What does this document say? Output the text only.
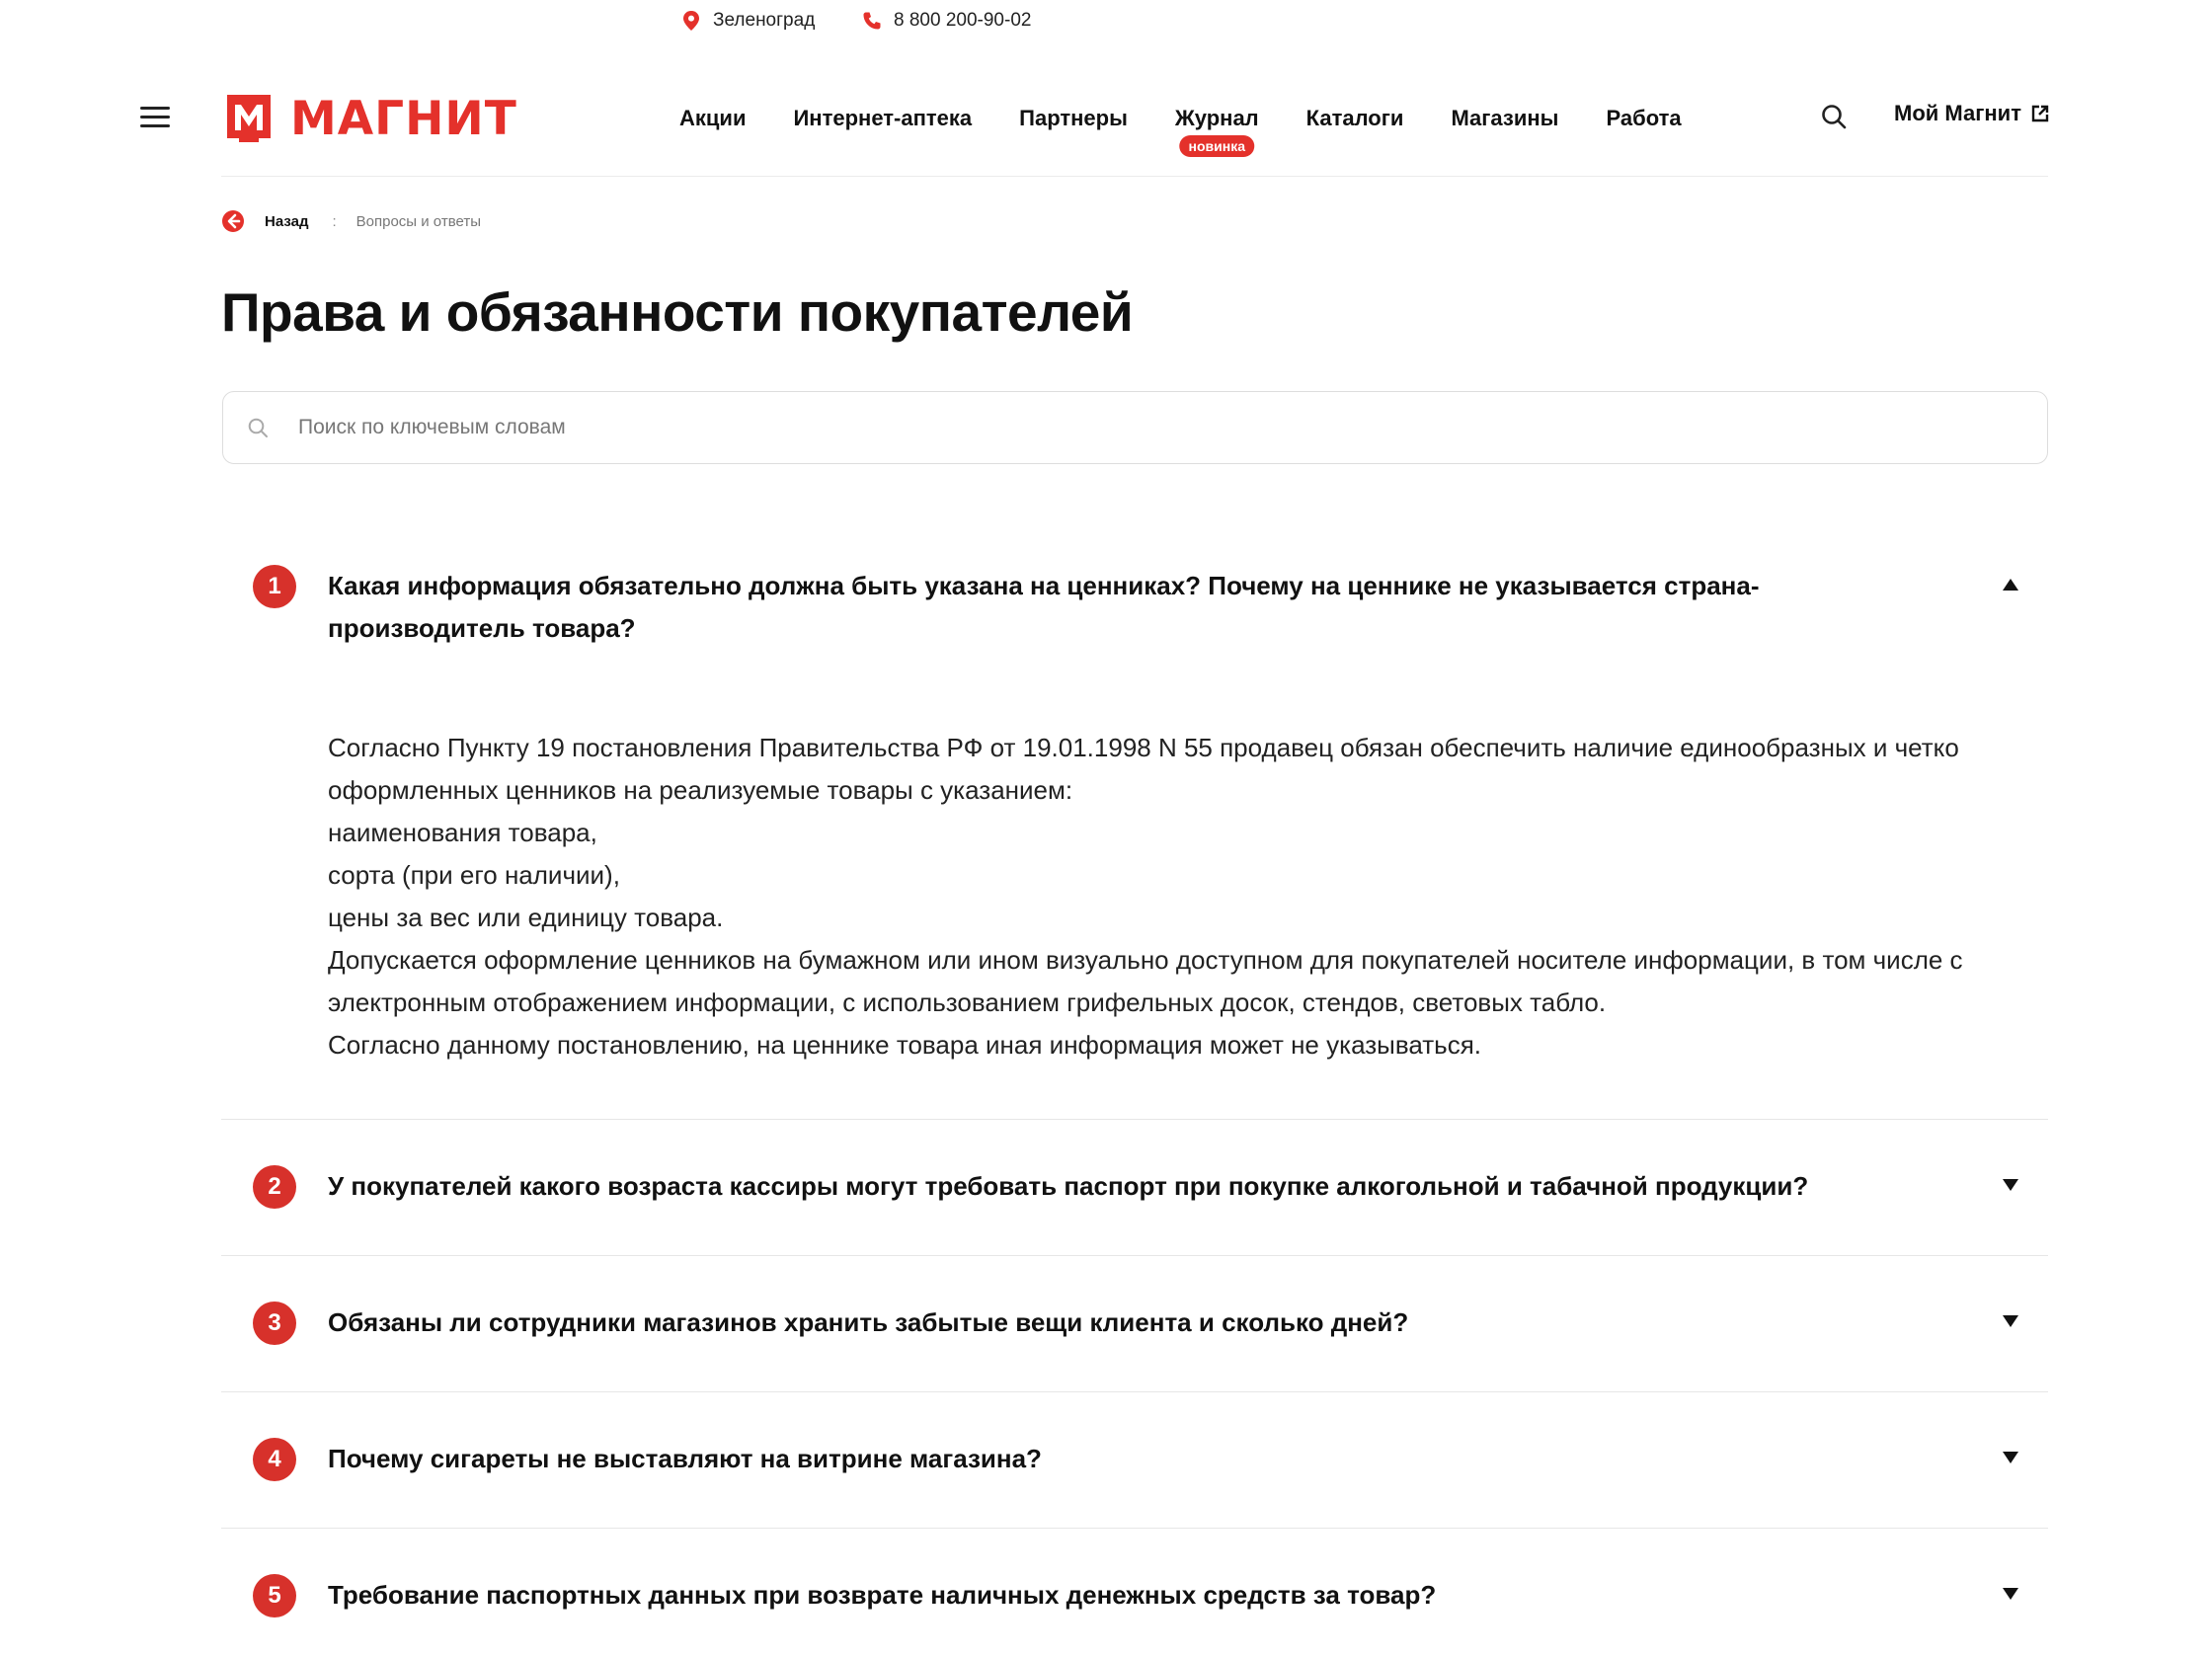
Зеленоград	8 800 200-90-02
МАГНИТ	Акции Интернет-аптека Партнеры Журнал
новинка
Каталоги Магазины Работа	Мой Магнит
Назад : Вопросы и ответы
Права и обязанности покупателей
Поиск по ключевым словам
1	Какая информация обязательно должна быть указана на ценниках? Почему на ценнике не указывается страна-производитель товара?

Согласно Пункту 19 постановления Правительства РФ от 19.01.1998 N 55 продавец обязан обеспечить наличие единообразных и четко оформленных ценников на реализуемые товары с указанием:

наименования товара,

сорта (при его наличии),

цены за вес или единицу товара.

Допускается оформление ценников на бумажном или ином визуально доступном для покупателей носителе информации, в том числе с электронным отображением информации, с использованием грифельных досок, стендов, световых табло.

Согласно данному постановлению, на ценнике товара иная информация может не указываться.

2	У покупателей какого возраста кассиры могут требовать паспорт при покупке алкогольной и табачной продукции?
3	Обязаны ли сотрудники магазинов хранить забытые вещи клиента и сколько дней?
4	Почему сигареты не выставляют на витрине магазина?
5	Требование паспортных данных при возврате наличных денежных средств за товар?
